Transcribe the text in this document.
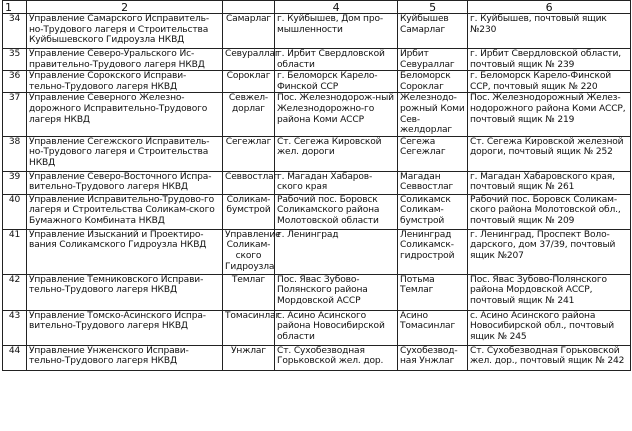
1	2		4	5	6
34	Управление Самарского Исправитель-но-Трудового лагеря и Строительства Куйбышевского Гидроузла НКВД	Самарлаг	г. Куйбышев, Дом про-мышленности	Куйбышев Самарлаг	г. Куйбышев, почтовый ящик №230
35	Управление Северо-Уральского Ис-правительно-Трудового лагеря НКВД	Севураллаг	г. Ирбит Свердловской области	Ирбит Севураллаг	г. Ирбит Свердловской области, почтовый ящик № 239
36	Управление Сорокского Исправи-тельно-Трудового лагеря НКВД	Сороклаг	г. Беломорск Карело-Финской ССР	Беломорск Сороклаг	г. Беломорск Карело-Финской ССР, почтовый ящик № 220
37	Управление Северного Железно-дорожного Исправительно-Трудового лагеря НКВД	Севжел-дорлаг	Пос. Железнодорож-ный Железнодорожно-го района Коми АССР	Железнодо-рожный Коми Сев-желдорлаг	Пос. Железнодорожный Желез-нодорожного района Коми АССР, почтовый ящик № 219
38	Управление Сегежского Исправитель-но-Трудового лагеря и Строительства НКВД	Сегежлаг	Ст. Сегежа Кировской жел. дороги	Сегежа Сегежлаг	Ст. Сегежа Кировской железной дороги, почтовый ящик № 252
39	Управление Северо-Восточного Испра-вительно-Трудового лагеря НКВД	Севвостлаг	г. Магадан Хабаров-ского края	Магадан Севвостлаг	г. Магадан Хабаровского края, почтовый ящик № 261
40	Управление Исправительно-Трудово-го лагеря и Строительства Соликам-ского Бумажного Комбината НКВД	Соликам-бумстрой	Рабочий пос. Боровск Соликамского района Молотовской области	Соликамск Соликам-бумстрой	Рабочий пос. Боровск Соликам-ского района Молотовской обл., почтовый ящик № 209
41	Управление Изысканий и Проектиро-вания Соликамского Гидроузла НКВД	Управление Соликам-ского Гидроузла	г. Ленинград	Ленинград Соликамск-гидрострой	г. Ленинград, Проспект Воло-дарского, дом 37/39, почтовый ящик №207
42	Управление Темниковского Исправи-тельно-Трудового лагеря НКВД	Темлаг	Пос. Явас Зубово-Полянского района Мордовской АССР	Потьма Темлаг	Пос. Явас Зубово-Полянского района Мордовской АССР, почтовый ящик № 241
43	Управление Томско-Асинского Испра-вительно-Трудового лагеря НКВД	Томасинлаг	с. Асино Асинского района Новосибирской области	Асино Томасинлаг	с. Асино Асинского района Новосибирской обл., почтовый ящик № 245
44	Управление Унженского Исправи-тельно-Трудового лагеря НКВД	Унжлаг	Ст. Сухобезводная Горьковской жел. дор.	Сухобезвод-ная Унжлаг	Ст. Сухобезводная Горьковской жел. дор., почтовый ящик № 242
